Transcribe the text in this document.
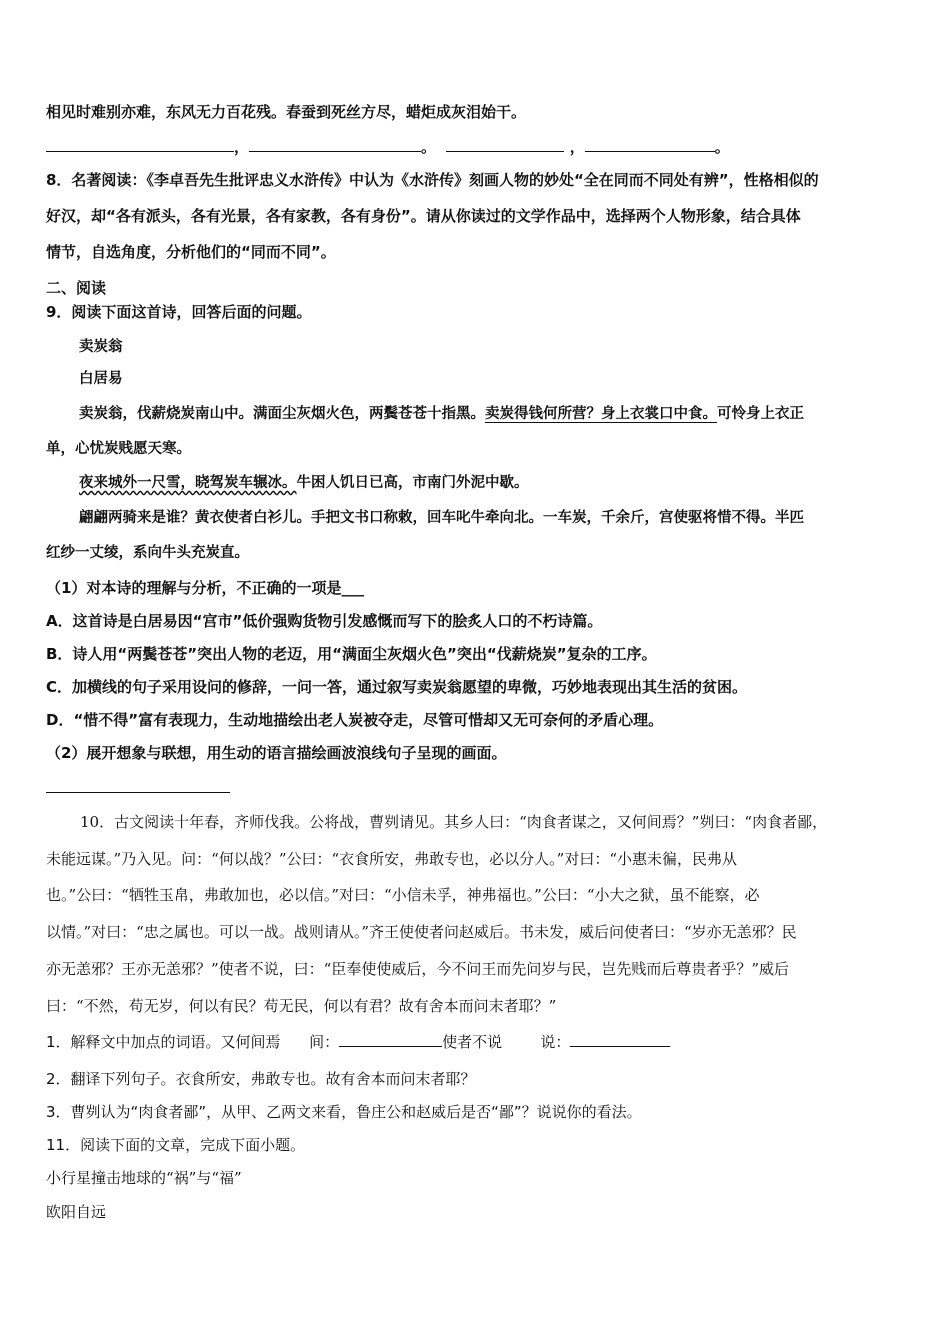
相见时难别亦难，东风无力百花残。春蚕到死丝方尽，蜡炬成灰泪始干。
，	。	，	。
8．名著阅读：《李卓吾先生批评忠义水浒传》中认为《水浒传》刻画人物的妙处“全在同而不同处有辨”，性格相似的
好汉，却“各有派头，各有光景，各有家教，各有身份”。请从你读过的文学作品中，选择两个人物形象，结合具体
情节，自选角度，分析他们的“同而不同”。
二、阅读
9．阅读下面这首诗，回答后面的问题。
卖炭翁
白居易
卖炭翁，伐薪烧炭南山中。满面尘灰烟火色，两鬓苍苍十指黑。卖炭得钱何所营？身上衣裳口中食。可怜身上衣正
单，心忧炭贱愿天寒。
夜来城外一尺雪，晓驾炭车辗冰。牛困人饥日已高，市南门外泥中歇。
翩翩两骑来是谁？黄衣使者白衫儿。手把文书口称敕，回车叱牛牵向北。一车炭，千余斤，宫使驱将惜不得。半匹
红纱一丈绫，系向牛头充炭直。
（1）对本诗的理解与分析，不正确的一项是___
A．这首诗是白居易因“宫市”低价强购货物引发感慨而写下的脍炙人口的不朽诗篇。
B．诗人用“两鬓苍苍”突出人物的老迈，用“满面尘灰烟火色”突出“伐薪烧炭”复杂的工序。
C．加横线的句子采用设问的修辞，一问一答，通过叙写卖炭翁愿望的卑微，巧妙地表现出其生活的贫困。
D．“惜不得”富有表现力，生动地描绘出老人炭被夺走，尽管可惜却又无可奈何的矛盾心理。
（2）展开想象与联想，用生动的语言描绘画波浪线句子呈现的画面。
10．古文阅读十年春，齐师伐我。公将战，曹刿请见。其乡人曰：“肉食者谋之，又何间焉？”刿曰：“肉食者鄙，
未能远谋。”乃入见。问：“何以战？”公曰：“衣食所安，弗敢专也，必以分人。”对曰：“小惠未徧，民弗从
也。”公曰：“牺牲玉帛，弗敢加也，必以信。”对曰：“小信未孚，神弗福也。”公曰：“小大之狱，虽不能察，必
以情。”对曰：“忠之属也。可以一战。战则请从。”齐王使使者问赵威后。书未发，威后问使者曰：“岁亦无恙邪？民
亦无恙邪？王亦无恙邪？”使者不说，曰：“臣奉使使威后，今不问王而先问岁与民，岂先贱而后尊贵者乎？”威后
曰：“不然，苟无岁，何以有民？苟无民，何以有君？故有舍本而问末者耶？”
1．解释文中加点的词语。又何间焉 间：	使者不说	说：
2．翻译下列句子。衣食所安，弗敢专也。故有舍本而问末者耶？
3．曹刿认为“肉食者鄙”，从甲、乙两文来看，鲁庄公和赵威后是否“鄙”？说说你的看法。
11．阅读下面的文章，完成下面小题。
小行星撞击地球的“祸”与“福”
欧阳自远
